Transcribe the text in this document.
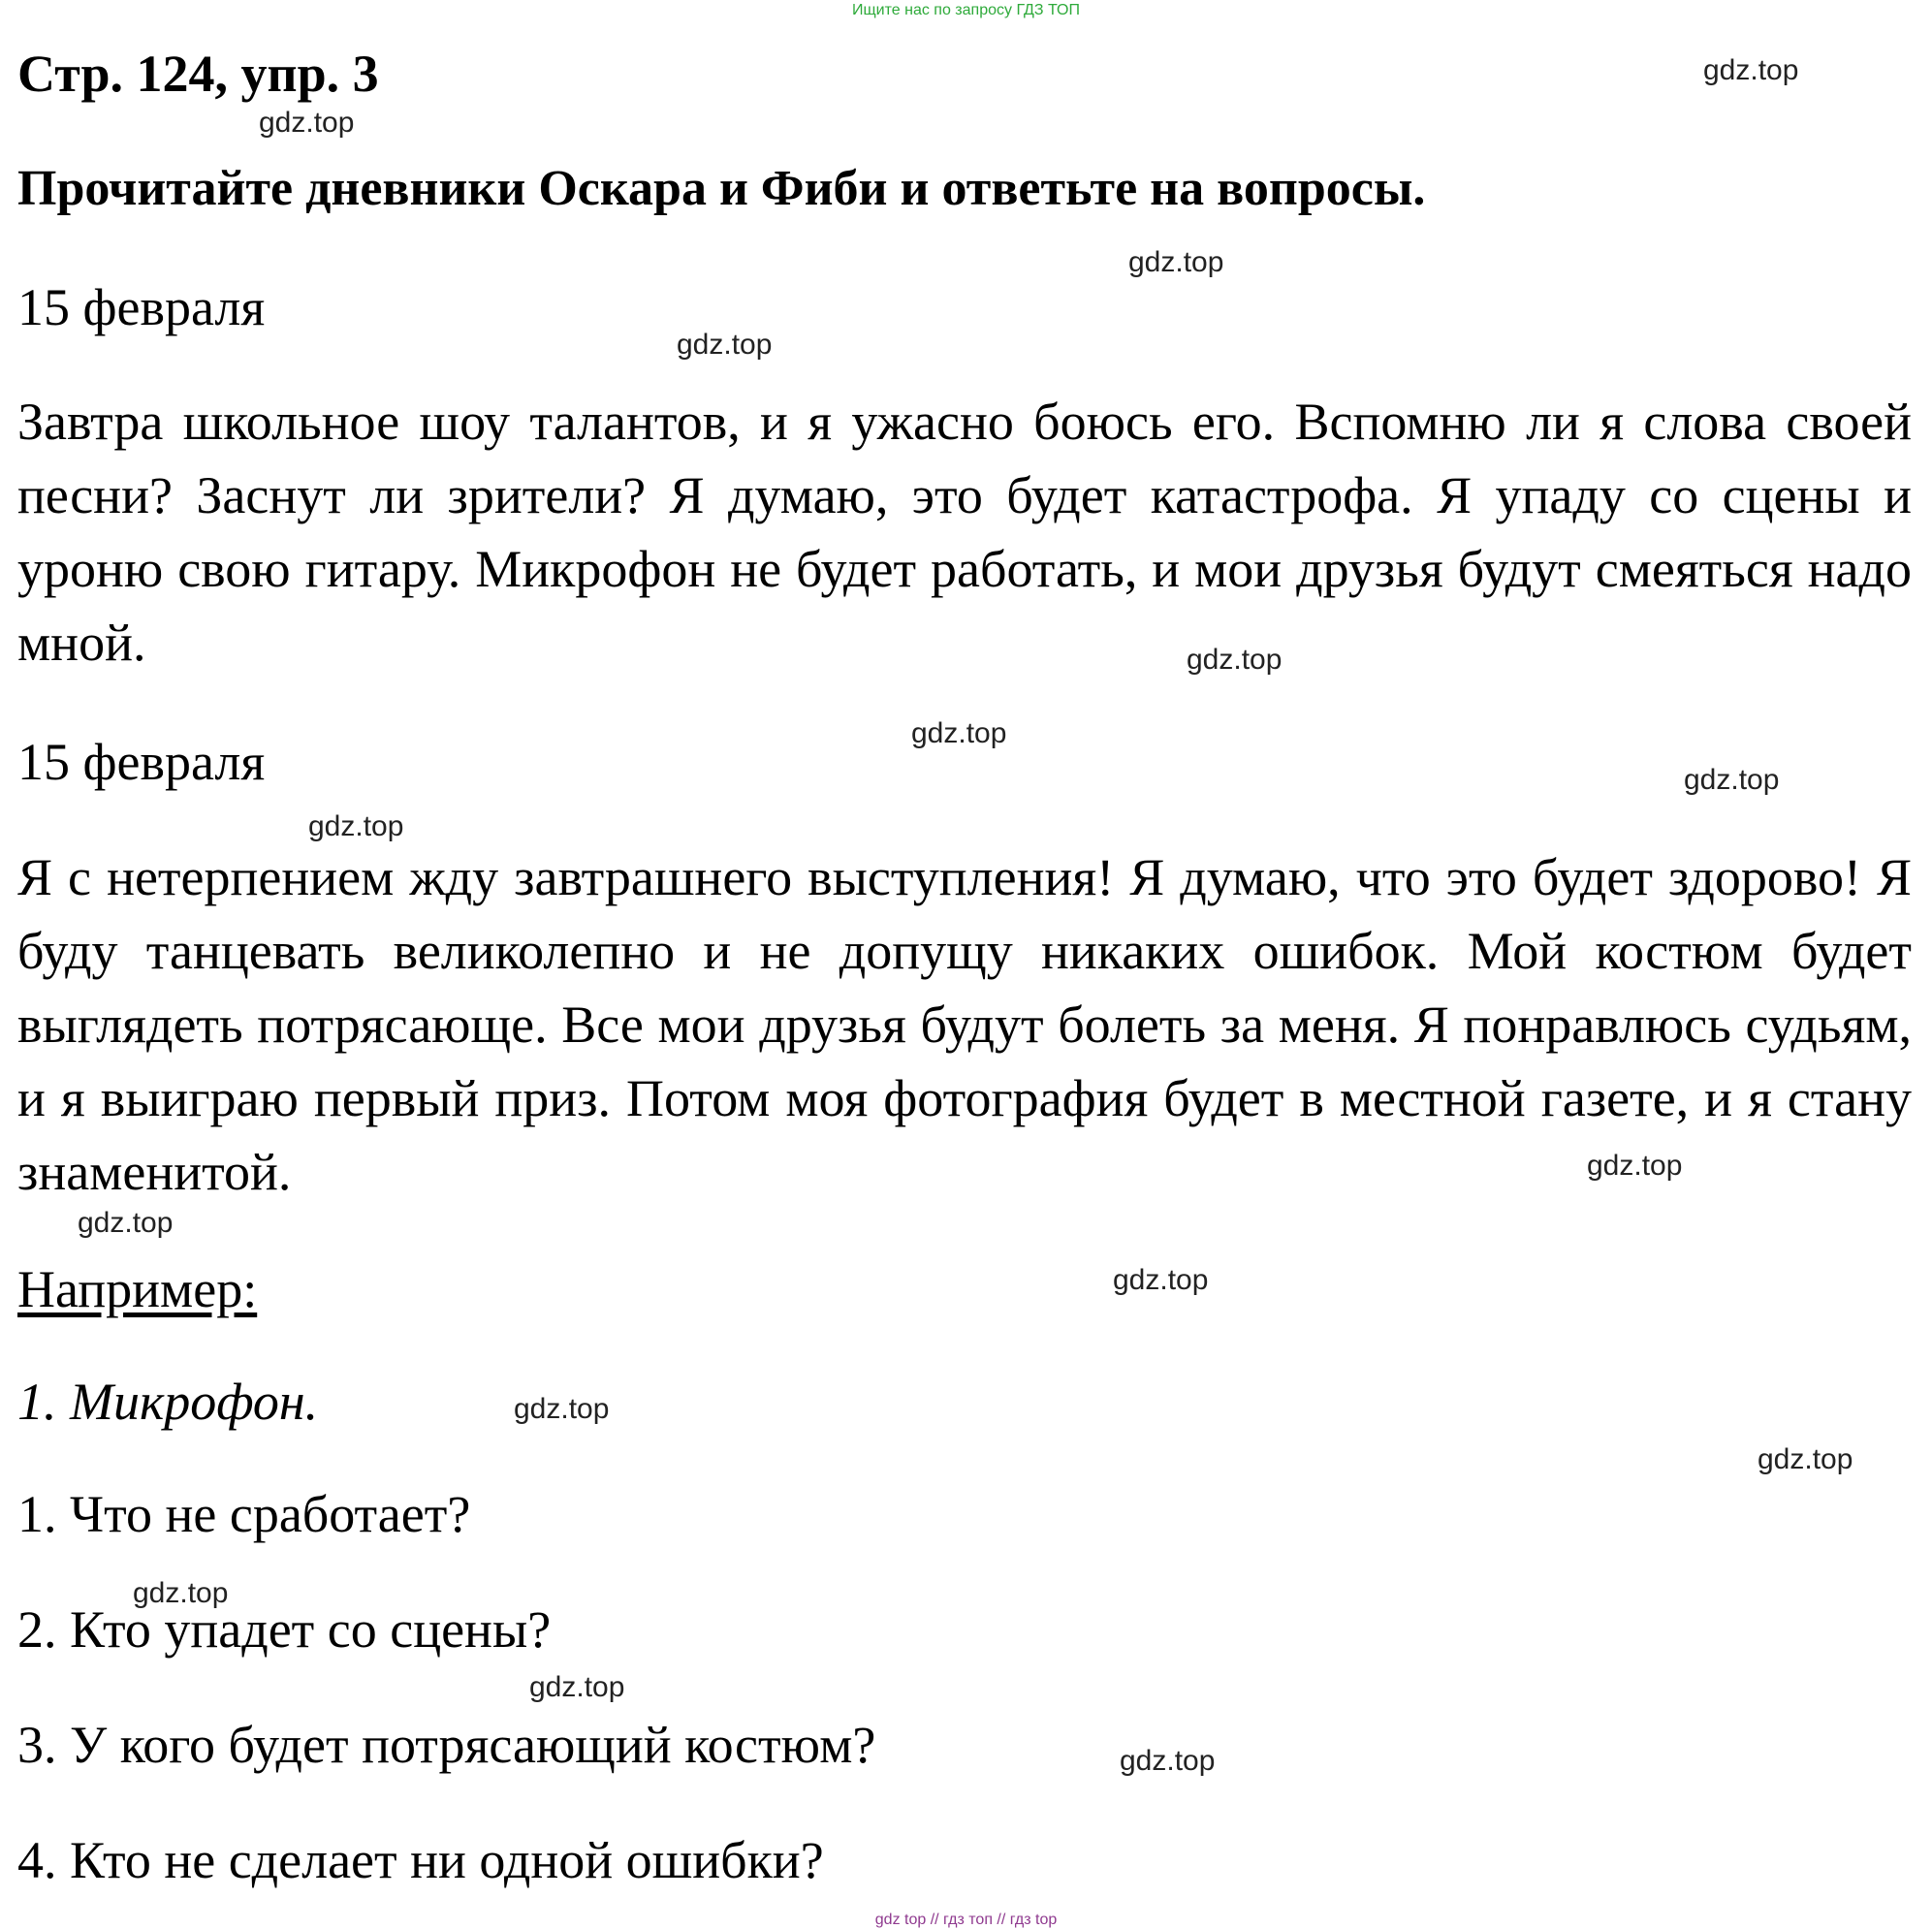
Ищите нас по запросу ГДЗ ТОП
Стр. 124, упр. 3
Прочитайте дневники Оскара и Фиби и ответьте на вопросы.
15 февраля
Завтра школьное шоу талантов, и я ужасно боюсь его. Вспомню ли я слова своей песни? Заснут ли зрители? Я думаю, это будет катастрофа. Я упаду со сцены и уроню свою гитару. Микрофон не будет работать, и мои друзья будут смеяться надо мной.
15 февраля
Я с нетерпением жду завтрашнего выступления! Я думаю, что это будет здорово! Я буду танцевать великолепно и не допущу никаких ошибок. Мой костюм будет выглядеть потрясающе. Все мои друзья будут болеть за меня. Я понравлюсь судьям, и я выиграю первый приз. Потом моя фотография будет в местной газете, и я стану знаменитой.
Например:
1. Микрофон.
1. Что не сработает?
2. Кто упадет со сцены?
3. У кого будет потрясающий костюм?
4. Кто не сделает ни одной ошибки?
gdz.top
gdz.top
gdz.top
gdz.top
gdz.top
gdz.top
gdz.top
gdz.top
gdz.top
gdz.top
gdz.top
gdz.top
gdz.top
gdz.top
gdz.top
gdz.top
gdz top // гдз топ // гдз top
